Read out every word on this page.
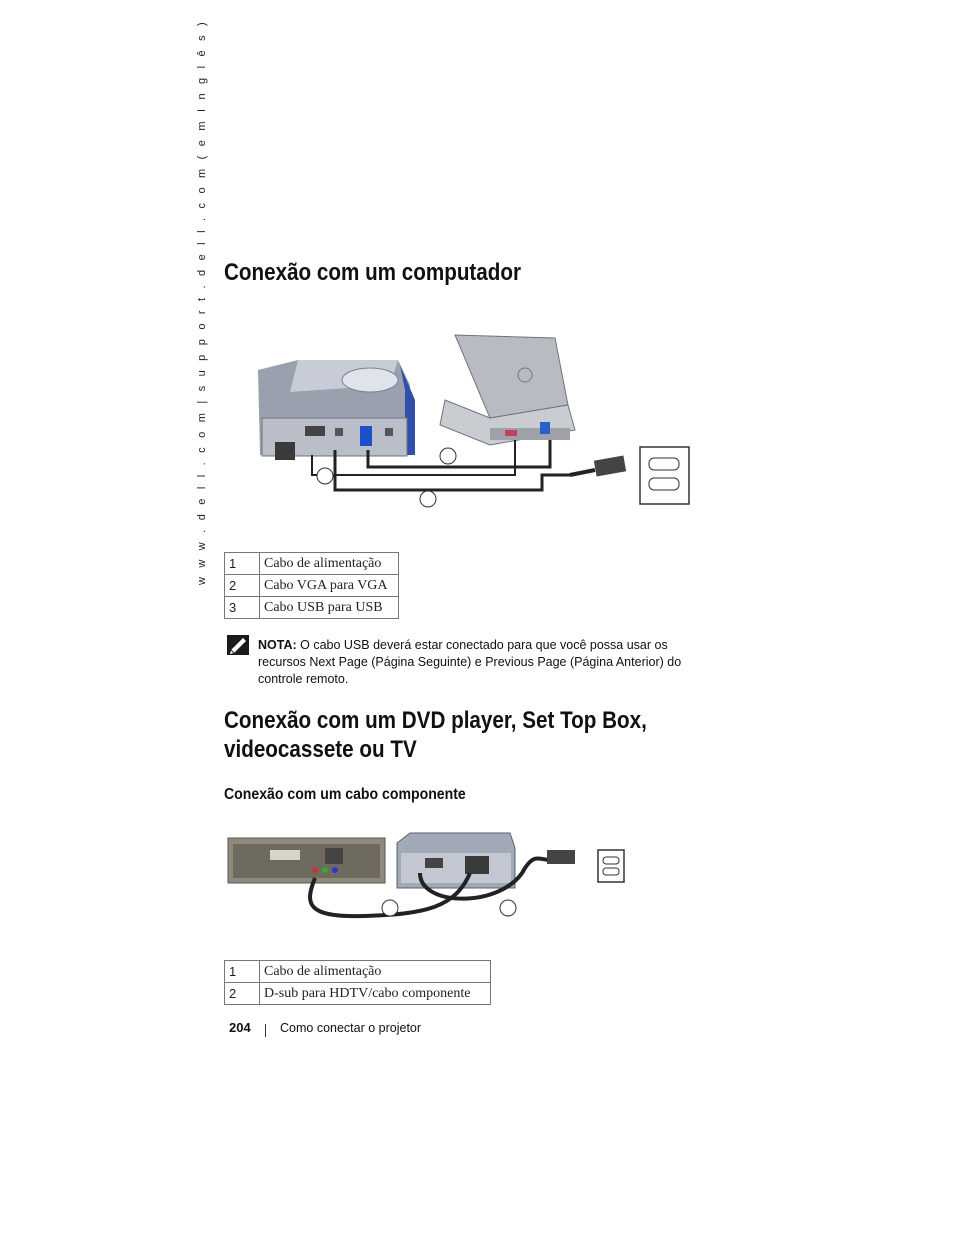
w w w . d e l l . c o m | s u p p o r t . d e l l . c o m ( e m I n g l ê s ) Conexão com um computador
1	Cabo de alimentação
2	Cabo VGA para VGA
3	Cabo USB para USB
NOTA: O cabo USB deverá estar conectado para que você possa usar os recursos Next Page (Página Seguinte) e Previous Page (Página Anterior) do controle remoto.
Conexão com um DVD player, Set Top Box, videocassete ou TV
Conexão com um cabo componente
1	Cabo de alimentação
2	D-sub para HDTV/cabo componente
204 Como conectar o projetor
